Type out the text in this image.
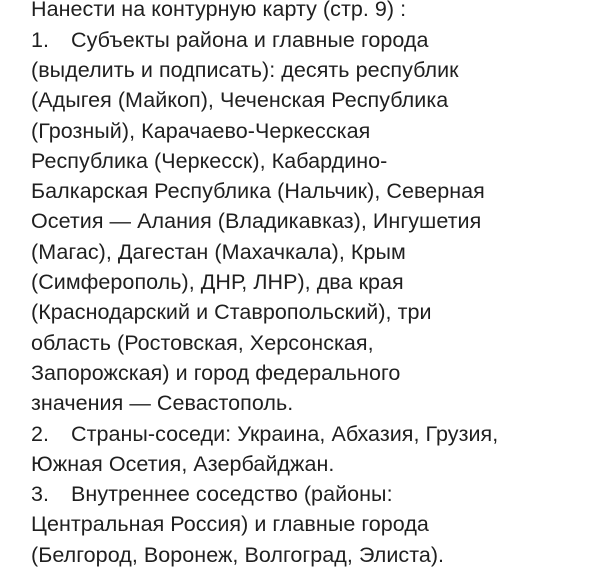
Нанести на контурную карту (стр. 9) :
1. Субъекты района и главные города
(выделить и подписать): десять республик
(Адыгея (Майкоп), Чеченская Республика
(Грозный), Карачаево-Черкесская
Республика (Черкесск), Кабардино-
Балкарская Республика (Нальчик), Северная
Осетия — Алания (Владикавказ), Ингушетия
(Магас), Дагестан (Махачкала), Крым
(Симферополь), ДНР, ЛНР), два края
(Краснодарский и Ставропольский), три
область (Ростовская, Херсонская,
Запорожская) и город федерального
значения — Севастополь.
2. Страны-соседи: Украина, Абхазия, Грузия,
Южная Осетия, Азербайджан.
3. Внутреннее соседство (районы:
Центральная Россия) и главные города
(Белгород, Воронеж, Волгоград, Элиста).
